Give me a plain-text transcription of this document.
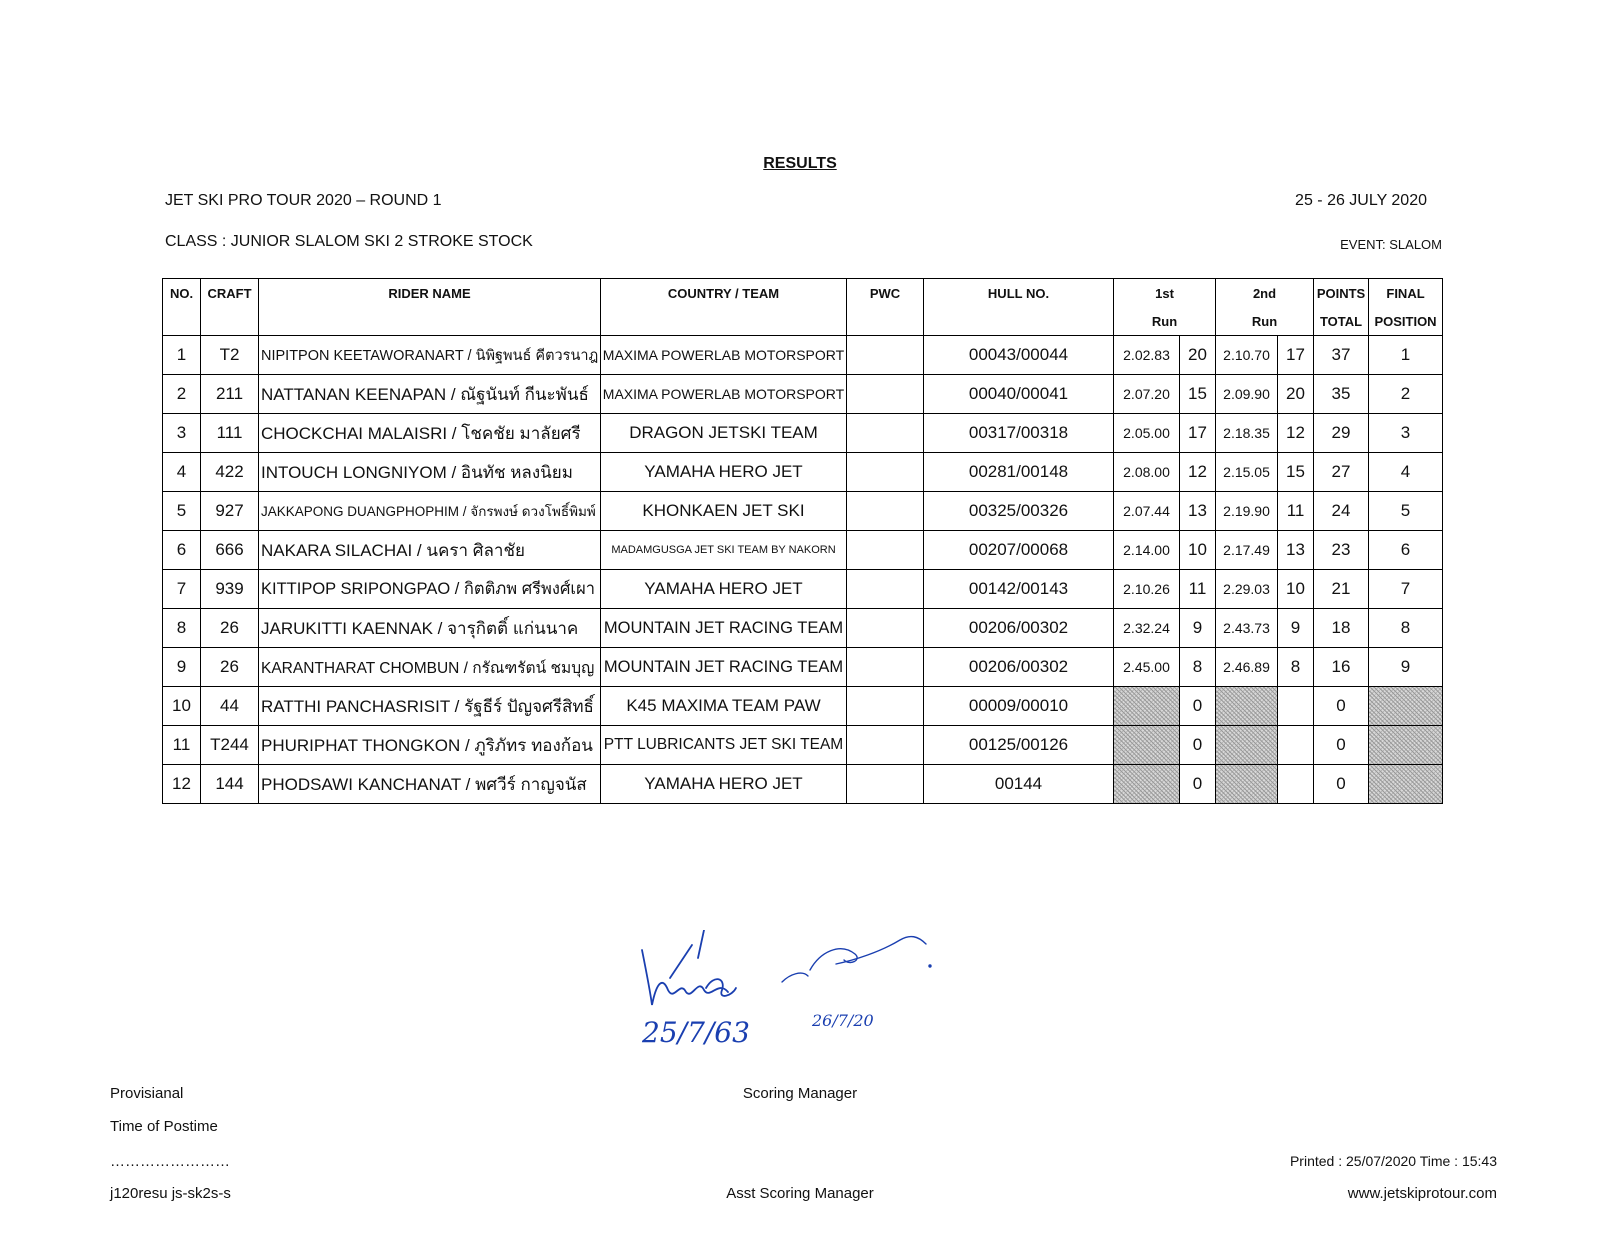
RESULTS
JET SKI PRO TOUR 2020 – ROUND 1	25 - 26 JULY 2020
CLASS : JUNIOR SLALOM SKI 2 STROKE STOCK	EVENT: SLALOM
NO.	CRAFT	RIDER NAME	COUNTRY / TEAM	PWC	HULL NO.	1st		2nd		POINTS	FINAL
						Run		Run		TOTAL	POSITION
1	T2	NIPITPON KEETAWORANART / นิพิฐพนธ์ คีตวรนาฎ	MAXIMA POWERLAB MOTORSPORT		00043/00044	2.02.83	20	2.10.70	17	37	1
2	211	NATTANAN KEENAPAN / ณัฐนันท์ กีนะพันธ์	MAXIMA POWERLAB MOTORSPORT		00040/00041	2.07.20	15	2.09.90	20	35	2
3	111	CHOCKCHAI MALAISRI / โชคชัย มาลัยศรี	DRAGON JETSKI TEAM		00317/00318	2.05.00	17	2.18.35	12	29	3
4	422	INTOUCH LONGNIYOM / อินทัช หลงนิยม	YAMAHA HERO JET		00281/00148	2.08.00	12	2.15.05	15	27	4
5	927	JAKKAPONG DUANGPHOPHIM / จักรพงษ์ ดวงโพธิ์พิมพ์	KHONKAEN JET SKI		00325/00326	2.07.44	13	2.19.90	11	24	5
6	666	NAKARA SILACHAI / นครา ศิลาชัย	MADAMGUSGA JET SKI TEAM BY NAKORN		00207/00068	2.14.00	10	2.17.49	13	23	6
7	939	KITTIPOP SRIPONGPAO / กิตติภพ ศรีพงศ์เผา	YAMAHA HERO JET		00142/00143	2.10.26	11	2.29.03	10	21	7
8	26	JARUKITTI KAENNAK / จารุกิตติ์ แก่นนาค	MOUNTAIN JET RACING TEAM		00206/00302	2.32.24	9	2.43.73	9	18	8
9	26	KARANTHARAT CHOMBUN / กรัณฑรัตน์ ชมบุญ	MOUNTAIN JET RACING TEAM		00206/00302	2.45.00	8	2.46.89	8	16	9
10	44	RATTHI PANCHASRISIT / รัฐธีร์ ปัญจศรีสิทธิ์	K45 MAXIMA TEAM PAW		00009/00010		0			0	
11	T244	PHURIPHAT THONGKON / ภูริภัทร ทองก้อน	PTT LUBRICANTS JET SKI TEAM		00125/00126		0			0	
12	144	PHODSAWI KANCHANAT / พศวีร์ กาญจนัส	YAMAHA HERO JET		00144		0			0	
25/7/63	26/7/20
Provisianal
Time of Postime
……………………
j120resu js-sk2s-s
Scoring Manager
Asst Scoring Manager
Printed : 25/07/2020 Time : 15:43
www.jetskiprotour.com
